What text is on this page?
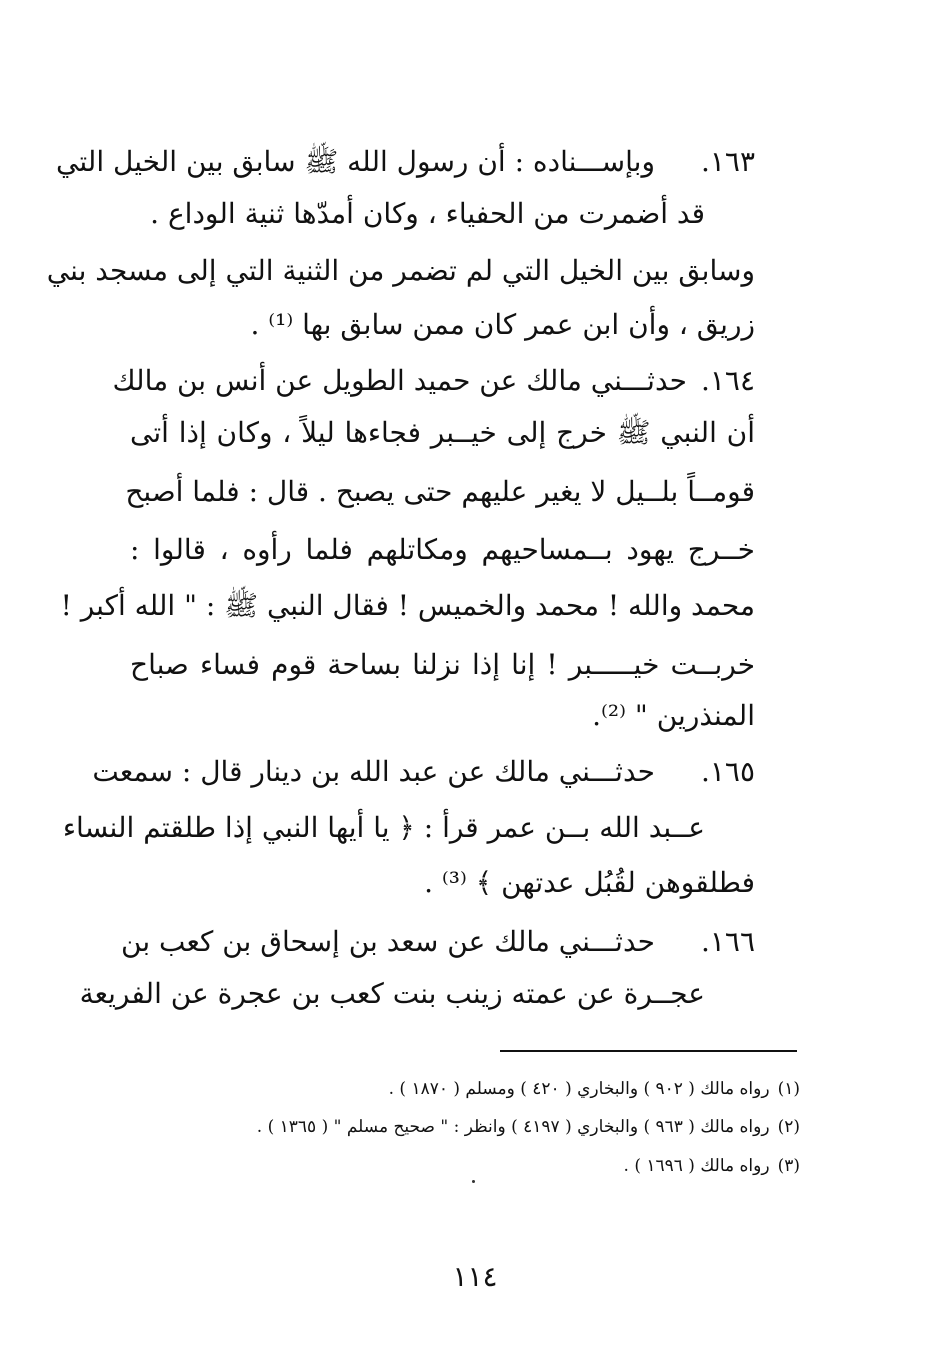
١٦٣.وبإســـناده : أن رسول الله ﷺ سابق بين الخيل التي
قد أضمرت من الحفياء ، وكان أمدّها ثنية الوداع .
وسابق بين الخيل التي لم تضمر من الثنية التي إلى مسجد بني
زريق ، وأن ابن عمر كان ممن سابق بها ⁽¹⁾ .
١٦٤.حدثـــني مالك عن حميد الطويل عن أنس بن مالك
أن النبي ﷺ خرج إلى خيــبر فجاءها ليلاً ، وكان إذا أتى
قومــاً بلــيل لا يغير عليهم حتى يصبح . قال : فلما أصبح
خــرج يهود بــمساحيهم ومكاتلهم فلما رأوه ، قالوا :
محمد والله ! محمد والخميس ! فقال النبي ﷺ : " الله أكبر !
خربــت خيـــــبر ! إنا إذا نزلنا بساحة قوم فساء صباح
المنذرين " ⁽²⁾.
١٦٥.حدثـــني مالك عن عبد الله بن دينار قال : سمعت
عــبد الله بــن عمر قرأ : ﴿ يا أيها النبي إذا طلقتم النساء
فطلقوهن لقُبُل عدتهن ﴾ ⁽³⁾ .
١٦٦.حدثـــني مالك عن سعد بن إسحاق بن كعب بن
عجــرة عن عمته زينب بنت كعب بن عجرة عن الفريعة
(١)رواه مالك ( ٩٠٢ ) والبخاري ( ٤٢٠ ) ومسلم ( ١٨٧٠ ) .
(٢)رواه مالك ( ٩٦٣ ) والبخاري ( ٤١٩٧ ) وانظر : " صحيح مسلم " ( ١٣٦٥ ) .
(٣)رواه مالك ( ١٦٩٦ ) .
١١٤
